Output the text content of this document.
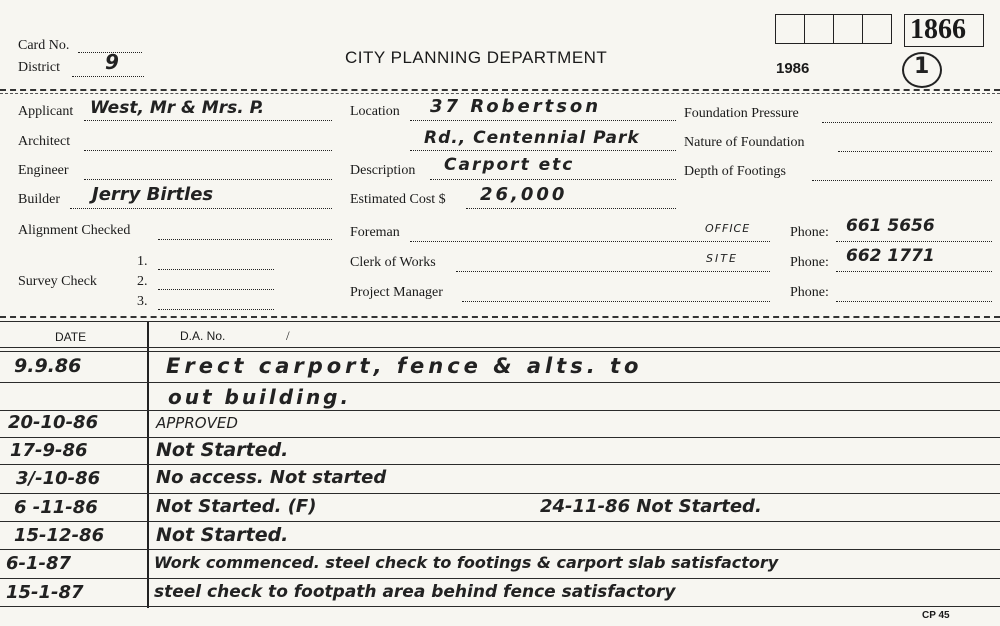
Card No.
District 9	CITY PLANNING DEPARTMENT
1986
1866
1
Applicant West, Mr & Mrs. P.
Architect
Engineer
Builder Jerry Birtles
Alignment Checked
Survey Check
1.
2.
3.
Location 37 Robertson
Rd., Centennial Park
Description Carport etc
Estimated Cost $ 26,000
Foreman	OFFICE
Clerk of Works	SITE
Project Manager
Foundation Pressure
Nature of Foundation
Depth of Footings
Phone: 661 5656
Phone: 662 1771
Phone:
DATE	D.A. No.	/
9.9.86	Erect carport, fence & alts. to
out building.
20-10-86	APPROVED
17-9-86	Not Started.
3/-10-86	No access. Not started
6 -11-86	Not Started. (F)	24-11-86 Not Started.
15-12-86	Not Started.
6-1-87	Work commenced. steel check to footings & carport slab satisfactory
15-1-87	steel check to footpath area behind fence satisfactory
CP 45
